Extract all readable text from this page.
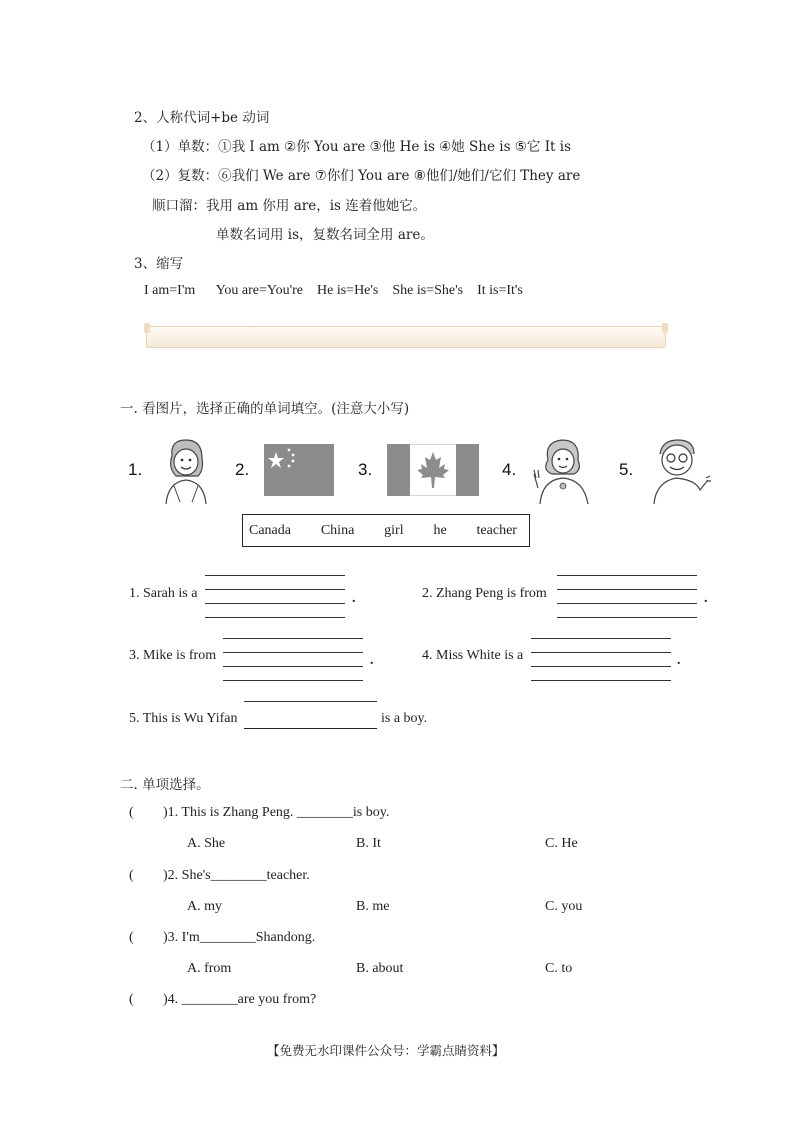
2、人称代词+be 动词
（1）单数：①我 I am ②你 You are ③他 He is ④她 She is ⑤它 It is
（2）复数：⑥我们 We are ⑦你们 You are ⑧他们/她们/它们 They are
顺口溜：我用 am 你用 are，is 连着他她它。
单数名词用 is，复数名词全用 are。
3、缩写
I am=I'm      You are=You're    He is=He's    She is=She's    It is=It's
一. 看图片，选择正确的单词填空。(注意大小写)
1.	2.	3.	4.	5.
Canada China girl he teacher
1. Sarah is a	.	2. Zhang Peng is from	.
3. Mike is from	.	4. Miss White is a	.
5. This is Wu Yifan	is a boy.
二. 单项选择。
( )1. This is Zhang Peng. ________is boy.
A. She	B. It	C. He
( )2. She's________teacher.
A. my	B. me	C. you
( )3. I'm________Shandong.
A. from	B. about	C. to
( )4. ________are you from?
【免费无水印课件公众号：学霸点睛资料】
